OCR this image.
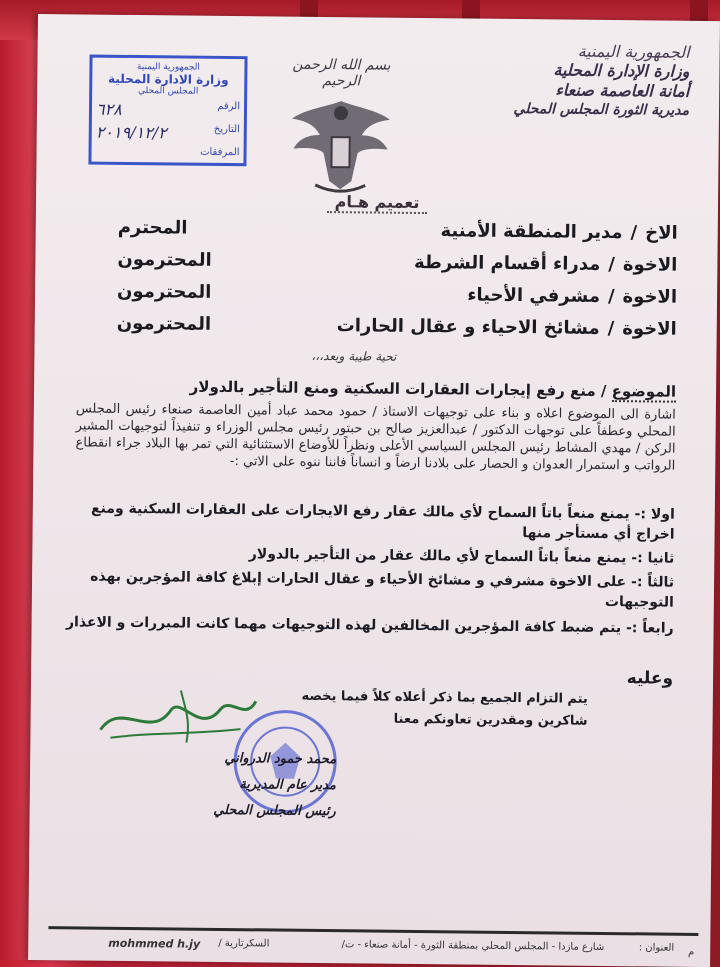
الجمهورية اليمنية
وزارة الإدارة المحلية
أمانة العاصمة صنعاء
مديرية الثورة المجلس المحلي
بسم الله الرحمن الرحيم
الجمهورية اليمنية
وزارة الادارة المحلية
المجلس المحلي
الرقم
٦٢٨
التاريخ
٢٠١٩/١٢/٢
المرفقات
تعميم هـام
الاخ
/
مدير المنطقة الأمنية
المحترم
الاخوة
/
مدراء أقسام الشرطة
المحترمون
الاخوة
/
مشرفي الأحياء
المحترمون
الاخوة
/
مشائخ الاحياء و عقال الحارات
المحترمون
تحية طيبة وبعد،،،
الموضوع / منع رفع إيجارات العقارات السكنية ومنع التأجير بالدولار
اشارة الى الموضوع اعلاه و بناء على توجيهات الاستاذ / حمود محمد عباد أمين العاصمة صنعاء رئيس المجلس المحلي وعطفاً على توجهات الدكتور / عبدالعزيز صالح بن حبتور رئيس مجلس الوزراء و تنفيذاً لتوجيهات المشير الركن / مهدي المشاط رئيس المجلس السياسي الأعلى ونظراً للأوضاع الاستثنائية التي تمر بها البلاد جراء انقطاع الرواتب و استمرار العدوان و الحصار على بلادنا ارضاً و انساناً فاننا ننوه على الاتي :-
اولا :- يمنع منعاً باتاً السماح لأي مالك عقار رفع الايجارات على العقارات السكنية ومنع اخراج أي مستأجر منها
ثانيا :- يمنع منعاً باتاً السماح لأي مالك عقار من التأجير بالدولار
ثالثاً :- على الاخوة مشرفي و مشائخ الأحياء و عقال الحارات إبلاغ كافة المؤجرين بهذه التوجيهات
رابعاً :- يتم ضبط كافة المؤجرين المخالفين لهذه التوجيهات مهما كانت المبررات و الاعذار
وعليه
يتم التزام الجميع بما ذكر أعلاه كلاً فيما يخصه
شاكرين ومقدرين تعاونكم معنا
محمد حمود الدرواني
مدير عام المديرية
رئيس المجلس المحلي
mohmmed h.jy السكرتارية /	شارع مازدا - المجلس المحلي بمنطقة الثورة - أمانة صنعاء - ت/	العنوان : م
